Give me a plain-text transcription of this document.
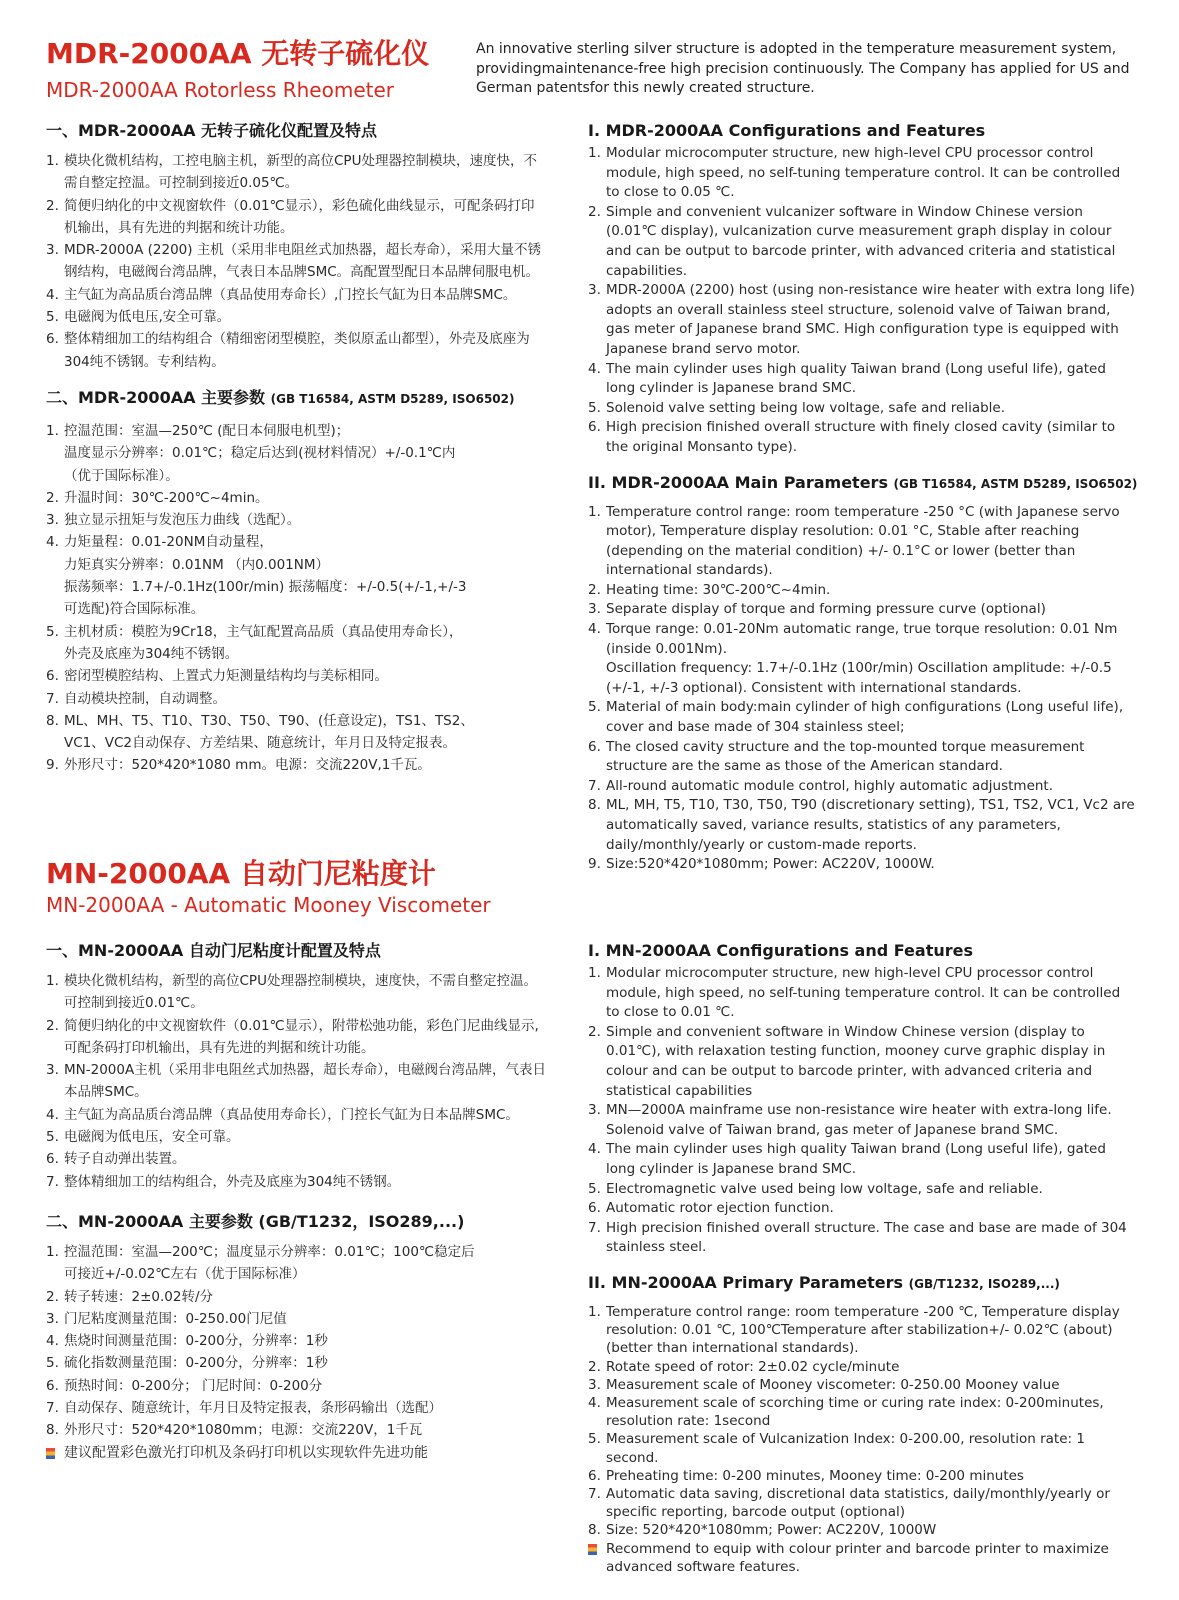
MDR-2000AA 无转子硫化仪
MDR-2000AA Rotorless Rheometer
An innovative sterling silver structure is adopted in the temperature measurement system, providingmaintenance-free high precision continuously. The Company has applied for US and German patentsfor this newly created structure.
一、MDR-2000AA 无转子硫化仪配置及特点
1. 模块化微机结构，工控电脑主机，新型的高位CPU处理器控制模块，速度快，不需自整定控温。可控制到接近0.05℃。
2. 简便归纳化的中文视窗软件（0.01℃显示），彩色硫化曲线显示，可配条码打印机输出，具有先进的判据和统计功能。
3. MDR-2000A (2200) 主机（采用非电阻丝式加热器，超长寿命），采用大量不锈钢结构，电磁阀台湾品牌，气表日本品牌SMC。高配置型配日本品牌伺服电机。
4. 主气缸为高品质台湾品牌（真品使用寿命长）,门控长气缸为日本品牌SMC。
5. 电磁阀为低电压,安全可靠。
6. 整体精细加工的结构组合（精细密闭型模腔，类似原孟山都型），外壳及底座为304纯不锈钢。专利结构。
二、MDR-2000AA 主要参数 (GB T16584, ASTM D5289, ISO6502)
1. 控温范围：室温—250℃ (配日本伺服电机型)；
温度显示分辨率：0.01℃；稳定后达到(视材料情况）+/-0.1℃内
（优于国际标准）。
2. 升温时间：30℃-200℃~4min。
3. 独立显示扭矩与发泡压力曲线（选配）。
4. 力矩量程：0.01-20NM自动量程，
力矩真实分辨率：0.01NM （内0.001NM）
振荡频率：1.7+/-0.1Hz(100r/min) 振荡幅度：+/-0.5(+/-1,+/-3
可选配)符合国际标准。
5. 主机材质：模腔为9Cr18，主气缸配置高品质（真品使用寿命长），
外壳及底座为304纯不锈钢。
6. 密闭型模腔结构、上置式力矩测量结构均与美标相同。
7. 自动模块控制，自动调整。
8. ML、MH、T5、T10、T30、T50、T90、(任意设定)，TS1、TS2、
VC1、VC2自动保存、方差结果、随意统计，年月日及特定报表。
9. 外形尺寸：520*420*1080 mm。电源：交流220V,1千瓦。
I. MDR-2000AA Configurations and Features
1. Modular microcomputer structure, new high-level CPU processor control module, high speed, no self-tuning temperature control. It can be controlled to close to 0.05 ℃.
2. Simple and convenient vulcanizer software in Window Chinese version (0.01℃ display), vulcanization curve measurement graph display in colour and can be output to barcode printer, with advanced criteria and statistical capabilities.
3. MDR-2000A (2200) host (using non-resistance wire heater with extra long life) adopts an overall stainless steel structure, solenoid valve of Taiwan brand, gas meter of Japanese brand SMC. High configuration type is equipped with Japanese brand servo motor.
4. The main cylinder uses high quality Taiwan brand (Long useful life), gated long cylinder is Japanese brand SMC.
5. Solenoid valve setting being low voltage, safe and reliable.
6. High precision finished overall structure with finely closed cavity (similar to the original Monsanto type).
II. MDR-2000AA Main Parameters (GB T16584, ASTM D5289, ISO6502)
1. Temperature control range: room temperature -250 °C (with Japanese servo motor), Temperature display resolution: 0.01 °C, Stable after reaching (depending on the material condition) +/- 0.1°C or lower (better than international standards).
2. Heating time: 30℃-200℃~4min.
3. Separate display of torque and forming pressure curve (optional)
4. Torque range: 0.01-20Nm automatic range, true torque resolution: 0.01 Nm (inside 0.001Nm).
Oscillation frequency: 1.7+/-0.1Hz (100r/min) Oscillation amplitude: +/-0.5 (+/-1, +/-3 optional). Consistent with international standards.
5. Material of main body:main cylinder of high configurations (Long useful life), cover and base made of 304 stainless steel;
6. The closed cavity structure and the top-mounted torque measurement structure are the same as those of the American standard.
7. All-round automatic module control, highly automatic adjustment.
8. ML, MH, T5, T10, T30, T50, T90 (discretionary setting), TS1, TS2, VC1, Vc2 are automatically saved, variance results, statistics of any parameters, daily/monthly/yearly or custom-made reports.
9. Size:520*420*1080mm; Power: AC220V, 1000W.
MN-2000AA 自动门尼粘度计
MN-2000AA - Automatic Mooney Viscometer
一、MN-2000AA 自动门尼粘度计配置及特点
1. 模块化微机结构，新型的高位CPU处理器控制模块，速度快，不需自整定控温。可控制到接近0.01℃。
2. 简便归纳化的中文视窗软件（0.01℃显示），附带松弛功能，彩色门尼曲线显示, 可配条码打印机输出，具有先进的判据和统计功能。
3. MN-2000A主机（采用非电阻丝式加热器，超长寿命），电磁阀台湾品牌，气表日本品牌SMC。
4. 主气缸为高品质台湾品牌（真品使用寿命长），门控长气缸为日本品牌SMC。
5. 电磁阀为低电压，安全可靠。
6. 转子自动弹出装置。
7. 整体精细加工的结构组合，外壳及底座为304纯不锈钢。
二、MN-2000AA 主要参数 (GB/T1232，ISO289,...)
1. 控温范围：室温—200℃；温度显示分辨率：0.01℃；100℃稳定后
可接近+/-0.02℃左右（优于国际标准）
2. 转子转速：2±0.02转/分
3. 门尼粘度测量范围：0-250.00门尼值
4. 焦烧时间测量范围：0-200分，分辨率：1秒
5. 硫化指数测量范围：0-200分，分辨率：1秒
6. 预热时间：0-200分； 门尼时间：0-200分
7. 自动保存、随意统计，年月日及特定报表，条形码输出（选配）
8. 外形尺寸：520*420*1080mm；电源：交流220V，1千瓦
建议配置彩色激光打印机及条码打印机以实现软件先进功能
I. MN-2000AA Configurations and Features
1. Modular microcomputer structure, new high-level CPU processor control module, high speed, no self-tuning temperature control. It can be controlled to close to 0.01 ℃.
2. Simple and convenient software in Window Chinese version (display to 0.01℃), with relaxation testing function, mooney curve graphic display in colour and can be output to barcode printer, with advanced criteria and statistical capabilities
3. MN—2000A mainframe use non-resistance wire heater with extra-long life. Solenoid valve of Taiwan brand, gas meter of Japanese brand SMC.
4. The main cylinder uses high quality Taiwan brand (Long useful life), gated long cylinder is Japanese brand SMC.
5. Electromagnetic valve used being low voltage, safe and reliable.
6. Automatic rotor ejection function.
7. High precision finished overall structure. The case and base are made of 304 stainless steel.
II. MN-2000AA Primary Parameters (GB/T1232, ISO289,...)
1. Temperature control range: room temperature -200 ℃, Temperature display resolution: 0.01 ℃, 100℃Temperature after stabilization+/- 0.02℃ (about) (better than international standards).
2. Rotate speed of rotor: 2±0.02 cycle/minute
3. Measurement scale of Mooney viscometer: 0-250.00 Mooney value
4. Measurement scale of scorching time or curing rate index: 0-200minutes, resolution rate: 1second
5. Measurement scale of Vulcanization Index: 0-200.00, resolution rate: 1 second.
6. Preheating time: 0-200 minutes, Mooney time: 0-200 minutes
7. Automatic data saving, discretional data statistics, daily/monthly/yearly or specific reporting, barcode output (optional)
8. Size: 520*420*1080mm; Power: AC220V, 1000W
Recommend to equip with colour printer and barcode printer to maximize advanced software features.
